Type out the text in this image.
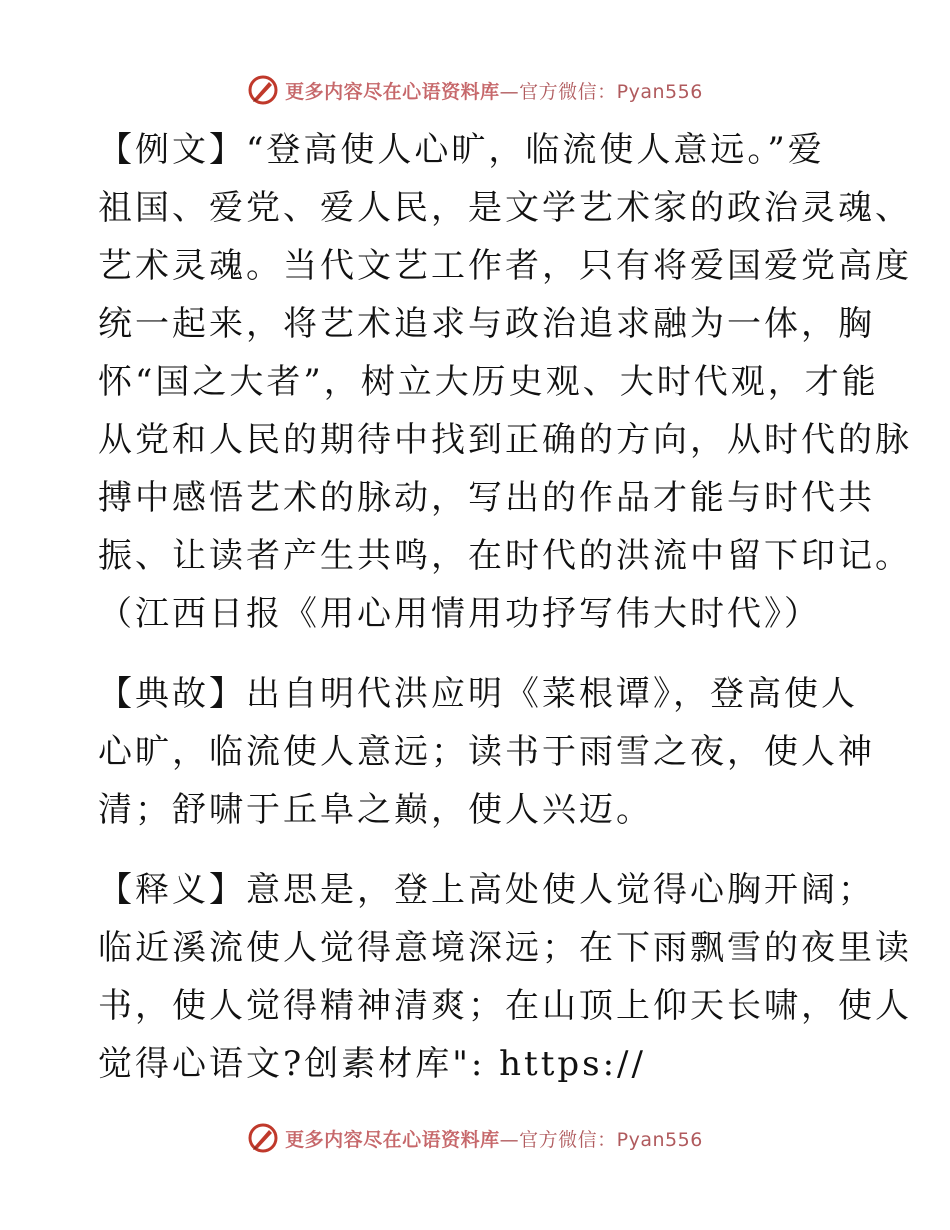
更多内容尽在心语资料库—官方微信：Pyan556
【例文】“登高使人心旷，临流使人意远。”爱
祖国、爱党、爱人民，是文学艺术家的政治灵魂、
艺术灵魂。当代文艺工作者，只有将爱国爱党高度
统一起来，将艺术追求与政治追求融为一体，胸
怀“国之大者”，树立大历史观、大时代观，才能
从党和人民的期待中找到正确的方向，从时代的脉
搏中感悟艺术的脉动，写出的作品才能与时代共
振、让读者产生共鸣，在时代的洪流中留下印记。
（江西日报《用心用情用功抒写伟大时代》）
【典故】出自明代洪应明《菜根谭》，登高使人
心旷，临流使人意远；读书于雨雪之夜，使人神
清；舒啸于丘阜之巅，使人兴迈。
【释义】意思是，登上高处使人觉得心胸开阔；
临近溪流使人觉得意境深远；在下雨飘雪的夜里读
书，使人觉得精神清爽；在山顶上仰天长啸，使人
觉得心语文?创素材库": https://
更多内容尽在心语资料库—官方微信：Pyan556
